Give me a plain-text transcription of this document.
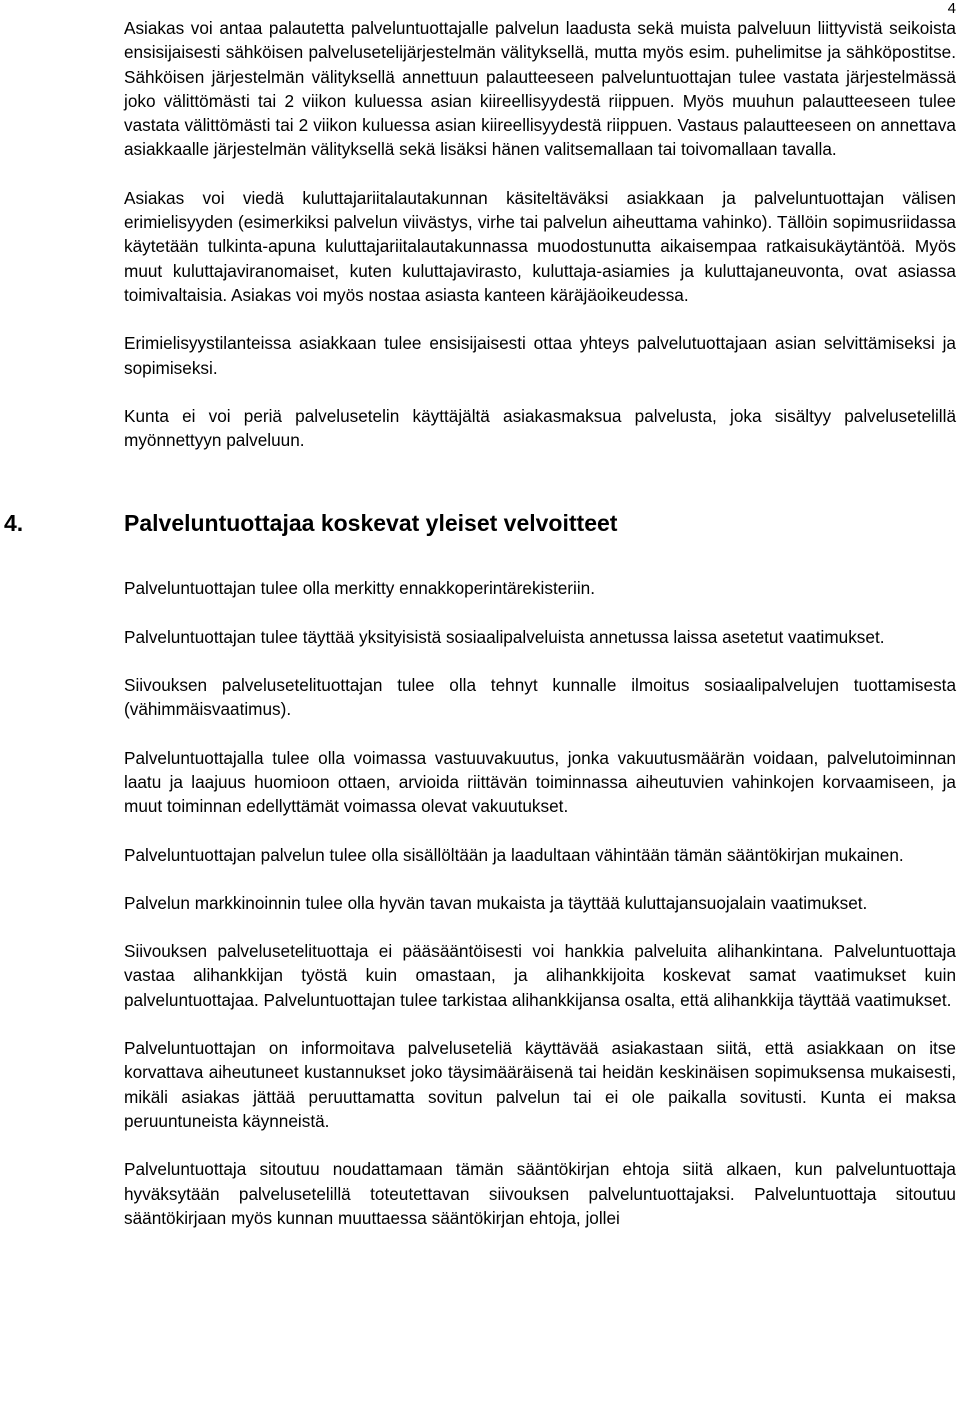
4

Asiakas voi antaa palautetta palveluntuottajalle palvelun laadusta sekä muista palveluun liittyvistä seikoista ensisijaisesti sähköisen palvelusetelijärjestelmän välityksellä, mutta myös esim. puhelimitse ja sähköpostitse. Sähköisen järjestelmän välityksellä annettuun palautteeseen palveluntuottajan tulee vastata järjestelmässä joko välittömästi tai 2 viikon kuluessa asian kiireellisyydestä riippuen. Myös muuhun palautteeseen tulee vastata välittömästi tai 2 viikon kuluessa asian kiireellisyydestä riippuen. Vastaus palautteeseen on annettava asiakkaalle järjestelmän välityksellä sekä lisäksi hänen valitsemallaan tai toivomallaan tavalla.

Asiakas voi viedä kuluttajariitalautakunnan käsiteltäväksi asiakkaan ja palveluntuottajan välisen erimielisyyden (esimerkiksi palvelun viivästys, virhe tai palvelun aiheuttama vahinko). Tällöin sopimusriidassa käytetään tulkinta-apuna kuluttajariitalautakunnassa muodostunutta aikaisempaa ratkaisukäytäntöä. Myös muut kuluttajaviranomaiset, kuten kuluttajavirasto, kuluttaja-asiamies ja kuluttajaneuvonta, ovat asiassa toimivaltaisia. Asiakas voi myös nostaa asiasta kanteen käräjäoikeudessa.

Erimielisyystilanteissa asiakkaan tulee ensisijaisesti ottaa yhteys palvelutuottajaan asian selvittämiseksi ja sopimiseksi.

Kunta ei voi periä palvelusetelin käyttäjältä asiakasmaksua palvelusta, joka sisältyy palvelusetelillä myönnettyyn palveluun.

4.	Palveluntuottajaa koskevat yleiset velvoitteet

Palveluntuottajan tulee olla merkitty ennakkoperintärekisteriin.

Palveluntuottajan tulee täyttää yksityisistä sosiaalipalveluista annetussa laissa asetetut vaatimukset.

Siivouksen palvelusetelituottajan tulee olla tehnyt kunnalle ilmoitus sosiaalipalvelujen tuottamisesta (vähimmäisvaatimus).

Palveluntuottajalla tulee olla voimassa vastuuvakuutus, jonka vakuutusmäärän voidaan, palvelutoiminnan laatu ja laajuus huomioon ottaen, arvioida riittävän toiminnassa aiheutuvien vahinkojen korvaamiseen, ja muut toiminnan edellyttämät voimassa olevat vakuutukset.

Palveluntuottajan palvelun tulee olla sisällöltään ja laadultaan vähintään tämän sääntökirjan mukainen.

Palvelun markkinoinnin tulee olla hyvän tavan mukaista ja täyttää kuluttajansuojalain vaatimukset.

Siivouksen palvelusetelituottaja ei pääsääntöisesti voi hankkia palveluita alihankintana. Palveluntuottaja vastaa alihankkijan työstä kuin omastaan, ja alihankkijoita koskevat samat vaatimukset kuin palveluntuottajaa. Palveluntuottajan tulee tarkistaa alihankkijansa osalta, että alihankkija täyttää vaatimukset.

Palveluntuottajan on informoitava palveluseteliä käyttävää asiakastaan siitä, että asiakkaan on itse korvattava aiheutuneet kustannukset joko täysimääräisenä tai heidän keskinäisen sopimuksensa mukaisesti, mikäli asiakas jättää peruuttamatta sovitun palvelun tai ei ole paikalla sovitusti. Kunta ei maksa peruuntuneista käynneistä.

Palveluntuottaja sitoutuu noudattamaan tämän sääntökirjan ehtoja siitä alkaen, kun palveluntuottaja hyväksytään palvelusetelillä toteutettavan siivouksen palveluntuottajaksi. Palveluntuottaja sitoutuu sääntökirjaan myös kunnan muuttaessa sääntökirjan ehtoja, jollei
